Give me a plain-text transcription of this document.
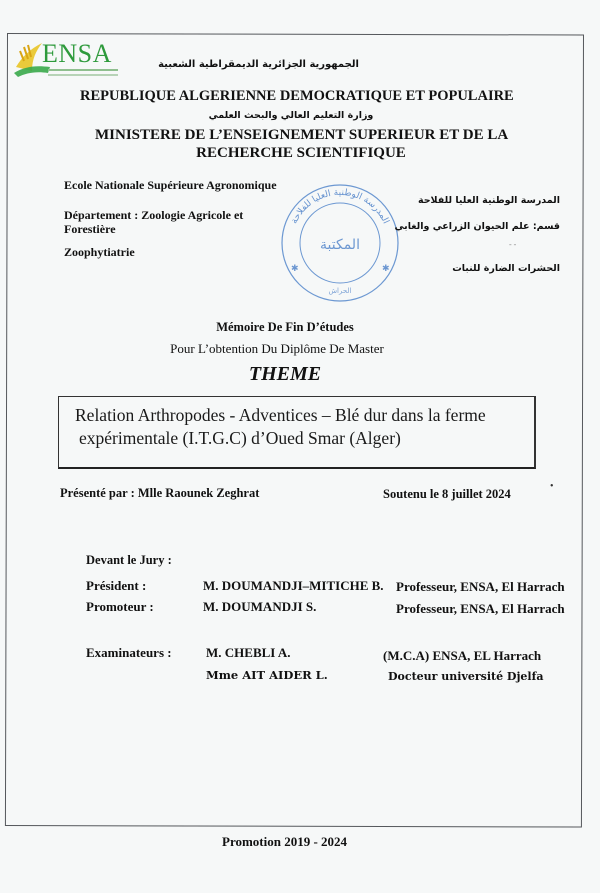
ENSA	الجمهورية الجزائرية الديمقراطية الشعبية
REPUBLIQUE ALGERIENNE DEMOCRATIQUE ET POPULAIRE
وزارة التعليم العالي والبحث العلمي
MINISTERE DE L’ENSEIGNEMENT SUPERIEUR ET DE LA
RECHERCHE SCIENTIFIQUE
Ecole Nationale Supérieure Agronomique
Département : Zoologie Agricole et
Forestière
Zoophytiatrie
المدرسة الوطنية العليا للفلاحة
المكتبة
الحراش
✱	✱
المدرسة الوطنية العليا للفلاحة
قسم: علم الحيوان الزراعي والغابي
- -
الحشرات الضارة للنبات
Mémoire De Fin D’études
Pour L’obtention Du Diplôme De Master
THEME
Relation Arthropodes - Adventices – Blé dur dans la ferme
expérimentale (I.T.G.C) d’Oued Smar (Alger)
Présenté par : Mlle Raounek Zeghrat	Soutenu le 8 juillet 2024
•
Devant le Jury :
Président :	M. DOUMANDJI–MITICHE B. Professeur, ENSA, El Harrach
Promoteur :	M. DOUMANDJI S.	Professeur, ENSA, El Harrach
Examinateurs :	M. CHEBLI A.	(M.C.A) ENSA, EL Harrach
Mme AIT AIDER L.	Docteur université Djelfa
Promotion 2019 - 2024
